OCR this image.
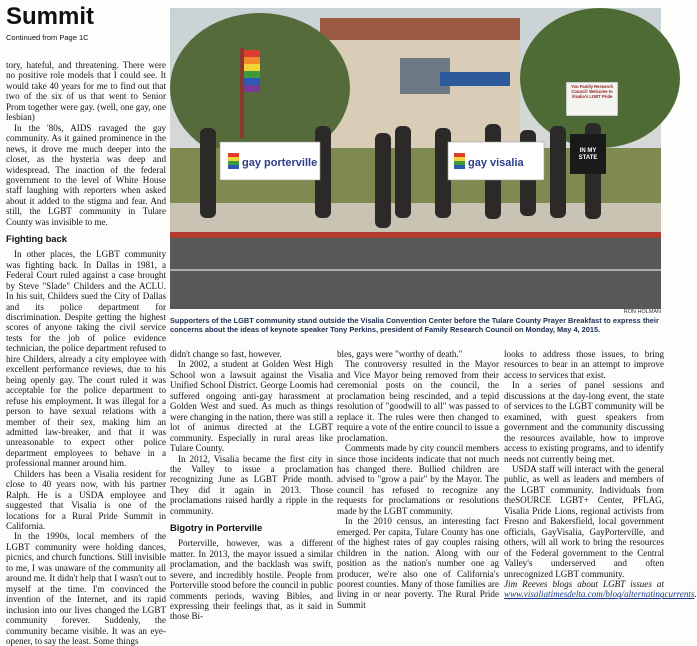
Summit
Continued from Page 1C

tory, hateful, and threatening. There were no positive role models that I could see. It would take 40 years for me to find out that two of the six of us that went to Senior Prom together were gay. (well, one gay, one lesbian)

In the '80s, AIDS ravaged the gay community. As it gained prominence in the news, it drove me much deeper into the closet, as the hysteria was deep and widespread. The inaction of the federal government to the level of White House staff laughing with reporters when asked about it added to the stigma and fear. And still, the LGBT community in Tulare County was invisible to me.

Fighting back

In other places, the LGBT community was fighting back. In Dallas in 1981, a Federal Court ruled against a case brought by Steve "Slade" Childers and the ACLU. In his suit, Childers sued the City of Dallas and its police department for discrimination. Despite getting the highest scores of anyone taking the civil service tests for the job of police evidence technician, the police department refused to hire Childers, already a city employee with excellent performance reviews, due to his being openly gay. The court ruled it was acceptable for the police department to refuse his employment. It was illegal for a person to have sexual relations with a member of their sex, making him an admitted law-breaker, and that it was unreasonable to expect other police department employees to behave in a professional manner around him.

Childers has been a Visalia resident for close to 40 years now, with his partner Ralph. He is a USDA employee and suggested that Visalia is one of the locations for a Rural Pride Summit in California.

In the 1990s, local members of the LGBT community were holding dances, picnics, and church functions. Still invisible to me, I was unaware of the community all around me. It didn't help that I wasn't out to myself at the time. I'm convinced the invention of the Internet, and its rapid inclusion into our lives changed the LGBT community forever. Suddenly, the community became visible. It was an eye-opener, to say the least. Some things

gay porterville	gay visalia
You Family Research Council: Welcome to Visalia's LGBT Pride
IN MY STATE
RON HOLMAN
Supporters of the LGBT community stand outside the Visalia Convention Center before the Tulare County Prayer Breakfast to express their concerns about the ideas of keynote speaker Tony Perkins, president of Family Research Council on Monday, May 4, 2015.

didn't change so fast, however.

In 2002, a student at Golden West High School won a lawsuit against the Visalia Unified School District. George Loomis had suffered ongoing anti-gay harassment at Golden West and sued. As much as things were changing in the nation, there was still a lot of animus directed at the LGBT community. Especially in rural areas like Tulare County.

In 2012, Visalia became the first city in the Valley to issue a proclamation recognizing June as LGBT Pride month. They did it again in 2013. Those proclamations raised hardly a ripple in the community.

Bigotry in Porterville

Porterville, however, was a different matter. In 2013, the mayor issued a similar proclamation, and the backlash was swift, severe, and incredibly hostile. People from Porterville stood before the council in public comments periods, waving Bibles, and expressing their feelings that, as it said in those Bi-

bles, gays were "worthy of death."

The controversy resulted in the Mayor and Vice Mayor being removed from their ceremonial posts on the council, the proclamation being rescinded, and a tepid resolution of "goodwill to all" was passed to replace it. The rules were then changed to require a vote of the entire council to issue a proclamation.

Comments made by city council members since those incidents indicate that not much has changed there. Bullied children are advised to "grow a pair" by the Mayor. The council has refused to recognize any requests for proclamations or resolutions made by the LGBT community.

In the 2010 census, an interesting fact emerged. Per capita, Tulare County has one of the highest rates of gay couples raising children in the nation. Along with our position as the nation's number one ag producer, we're also one of California's poorest counties. Many of those families are living in or near poverty. The Rural Pride Summit

looks to address those issues, to bring resources to bear in an attempt to improve access to services that exist.

In a series of panel sessions and discussions at the day-long event, the state of services to the LGBT community will be examined, with guest speakers from government and the community discussing the resources available, how to improve access to existing programs, and to identify needs not currently being met.

USDA staff will interact with the general public, as well as leaders and members of the LGBT community. Individuals from theSOURCE LGBT+ Center, PFLAG, Visalia Pride Lions, regional activists from Fresno and Bakersfield, local government officials, GayVisalia, GayPorterville, and others, will all work to bring the resources of the Federal government to the Central Valley's underserved and often unrecognized LGBT community.

Jim Reeves blogs about LGBT issues at www.visaliatimesdelta.com/blog/alternatingcurrents.
